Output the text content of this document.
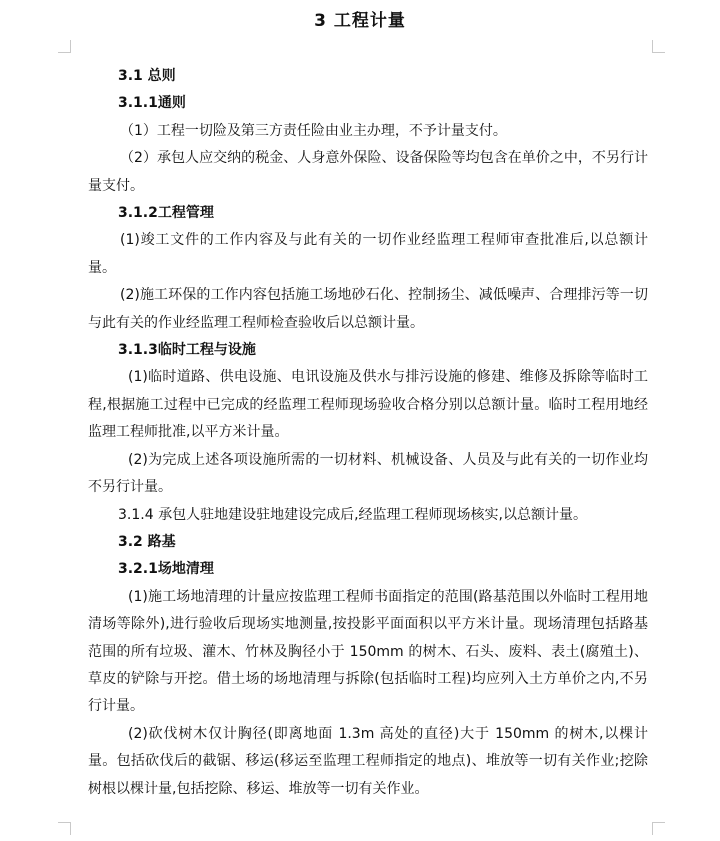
3 工程计量

3.1 总则

3.1.1通则

（1）工程一切险及第三方责任险由业主办理，不予计量支付。

（2）承包人应交纳的税金、人身意外保险、设备保险等均包含在单价之中，不另行计量支付。

3.1.2工程管理

(1)竣工文件的工作内容及与此有关的一切作业经监理工程师审查批准后,以总额计量。

(2)施工环保的工作内容包括施工场地砂石化、控制扬尘、减低噪声、合理排污等一切与此有关的作业经监理工程师检查验收后以总额计量。

3.1.3临时工程与设施

(1)临时道路、供电设施、电讯设施及供水与排污设施的修建、维修及拆除等临时工程,根据施工过程中已完成的经监理工程师现场验收合格分别以总额计量。临时工程用地经监理工程师批准,以平方米计量。

(2)为完成上述各项设施所需的一切材料、机械设备、人员及与此有关的一切作业均不另行计量。

3.1.4 承包人驻地建设驻地建设完成后,经监理工程师现场核实,以总额计量。

3.2 路基

3.2.1场地清理

(1)施工场地清理的计量应按监理工程师书面指定的范围(路基范围以外临时工程用地清场等除外),进行验收后现场实地测量,按投影平面面积以平方米计量。现场清理包括路基范围的所有垃圾、灌木、竹林及胸径小于 150mm 的树木、石头、废料、表土(腐殖土)、草皮的铲除与开挖。借土场的场地清理与拆除(包括临时工程)均应列入土方单价之内,不另行计量。

(2)砍伐树木仅计胸径(即离地面 1.3m 高处的直径)大于 150mm 的树木,以棵计量。包括砍伐后的截锯、移运(移运至监理工程师指定的地点)、堆放等一切有关作业;挖除树根以棵计量,包括挖除、移运、堆放等一切有关作业。
